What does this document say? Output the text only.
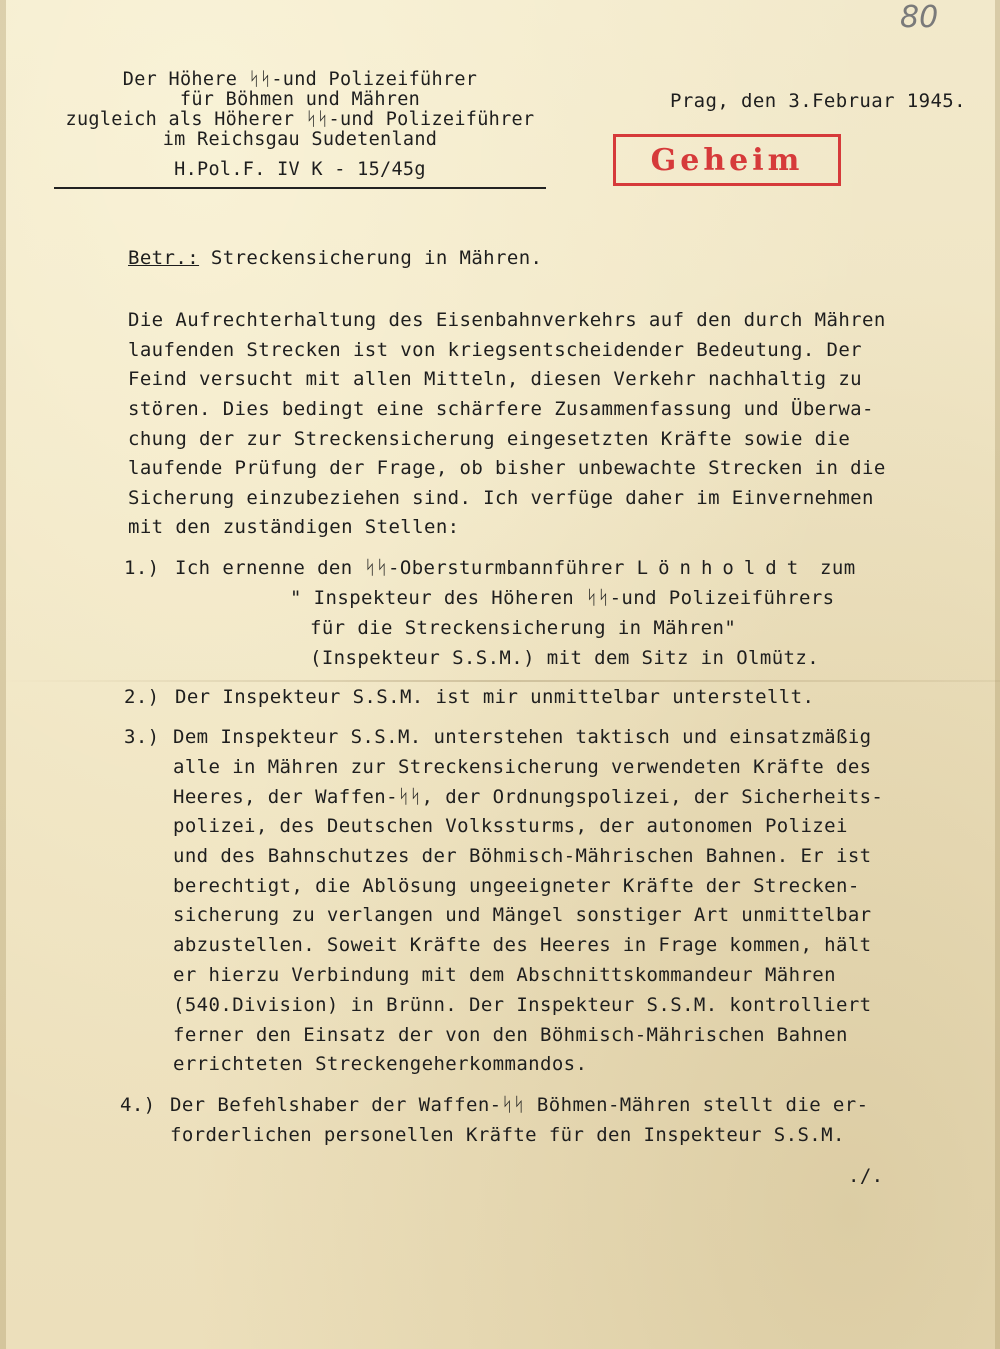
80
Der Höhere ᛋᛋ-und Polizeiführer
für Böhmen und Mähren
zugleich als Höherer ᛋᛋ-und Polizeiführer
im Reichsgau Sudetenland
H.Pol.F. IV K - 15/45g
Prag, den 3.Februar 1945.
Geheim
Betr.: Streckensicherung in Mähren.
Die Aufrechterhaltung des Eisenbahnverkehrs auf den durch Mähren
laufenden Strecken ist von kriegsentscheidender Bedeutung. Der
Feind versucht mit allen Mitteln, diesen Verkehr nachhaltig zu
stören. Dies bedingt eine schärfere Zusammenfassung und Überwa-
chung der zur Streckensicherung eingesetzten Kräfte sowie die
laufende Prüfung der Frage, ob bisher unbewachte Strecken in die
Sicherung einzubeziehen sind. Ich verfüge daher im Einvernehmen
mit den zuständigen Stellen:
1.) Ich ernenne den ᛋᛋ-Obersturmbannführer Lönholdt zum
" Inspekteur des Höheren ᛋᛋ-und Polizeiführers
für die Streckensicherung in Mähren"
(Inspekteur S.S.M.) mit dem Sitz in Olmütz.
2.) Der Inspekteur S.S.M. ist mir unmittelbar unterstellt.
3.) Dem Inspekteur S.S.M. unterstehen taktisch und einsatzmäßig
alle in Mähren zur Streckensicherung verwendeten Kräfte des
Heeres, der Waffen-ᛋᛋ, der Ordnungspolizei, der Sicherheits-
polizei, des Deutschen Volkssturms, der autonomen Polizei
und des Bahnschutzes der Böhmisch-Mährischen Bahnen. Er ist
berechtigt, die Ablösung ungeeigneter Kräfte der Strecken-
sicherung zu verlangen und Mängel sonstiger Art unmittelbar
abzustellen. Soweit Kräfte des Heeres in Frage kommen, hält
er hierzu Verbindung mit dem Abschnittskommandeur Mähren
(540.Division) in Brünn. Der Inspekteur S.S.M. kontrolliert
ferner den Einsatz der von den Böhmisch-Mährischen Bahnen
errichteten Streckengeherkommandos.
4.) Der Befehlshaber der Waffen-ᛋᛋ Böhmen-Mähren stellt die er-
forderlichen personellen Kräfte für den Inspekteur S.S.M.
./.
